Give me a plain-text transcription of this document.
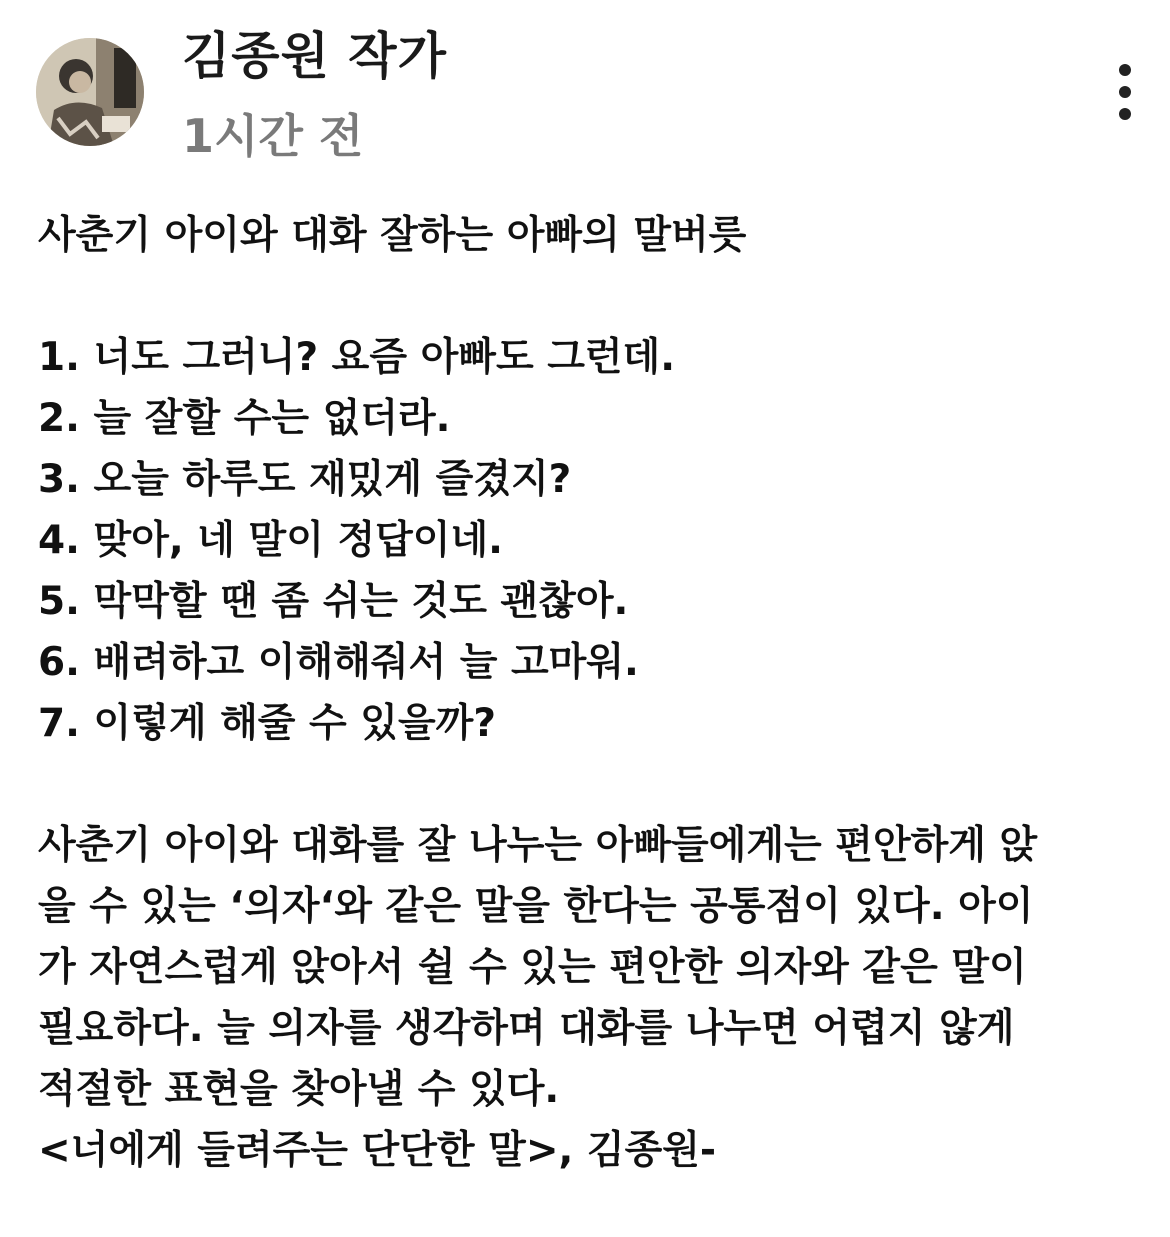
김종원 작가
1시간 전
사춘기 아이와 대화 잘하는 아빠의 말버릇
1. 너도 그러니? 요즘 아빠도 그런데.
2. 늘 잘할 수는 없더라.
3. 오늘 하루도 재밌게 즐겼지?
4. 맞아, 네 말이 정답이네.
5. 막막할 땐 좀 쉬는 것도 괜찮아.
6. 배려하고 이해해줘서 늘 고마워.
7. 이렇게 해줄 수 있을까?
사춘기 아이와 대화를 잘 나누는 아빠들에게는 편안하게 앉
을 수 있는 ‘의자‘와 같은 말을 한다는 공통점이 있다. 아이
가 자연스럽게 앉아서 쉴 수 있는 편안한 의자와 같은 말이
필요하다. 늘 의자를 생각하며 대화를 나누면 어렵지 않게
적절한 표현을 찾아낼 수 있다.
<너에게 들려주는 단단한 말>, 김종원-
